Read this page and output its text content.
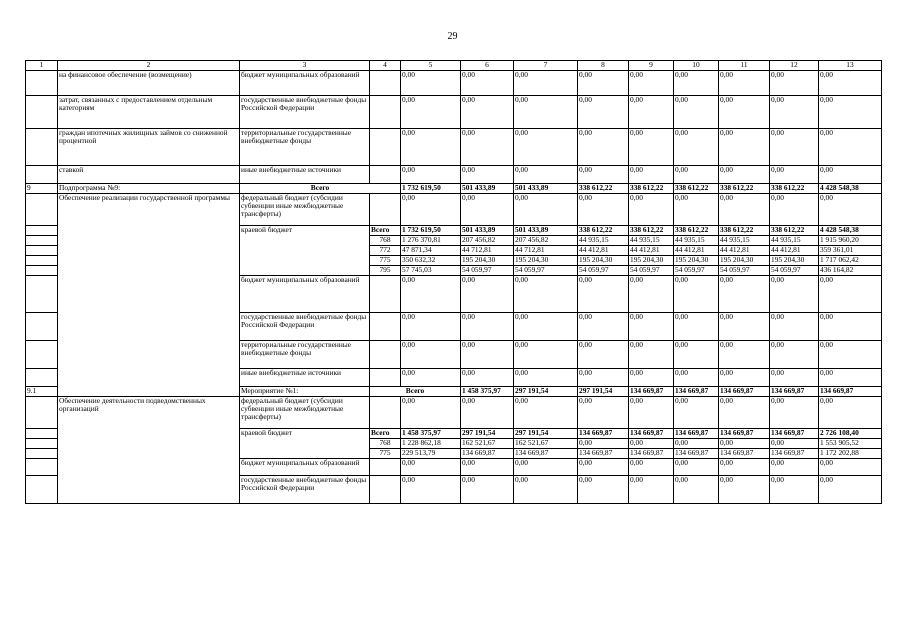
29
1	2	3	4	5	6	7	8	9	10	11	12	13	
	на финансовое обеспечение (возмещение)	бюджет муниципальных образований		0,00	0,00	0,00	0,00	0,00	0,00	0,00	0,00	0,00	
	затрат, связанных с предоставлением отдельным категориям	государственные внебюджетные фонды Российской Федерации		0,00	0,00	0,00	0,00	0,00	0,00	0,00	0,00	0,00	
	граждан ипотечных жилищных займов со сниженной процентной	территориальные государственные внебюджетные фонды		0,00	0,00	0,00	0,00	0,00	0,00	0,00	0,00	0,00	
	ставкой	иные внебюджетные источники		0,00	0,00	0,00	0,00	0,00	0,00	0,00	0,00	0,00	
9	Подпрограмма №9:	Всего		1 732 619,50	501 433,89	501 433,89	338 612,22	338 612,22	338 612,22	338 612,22	338 612,22	4 428 548,38	
	Обеспечение реализации государственной программы	федеральный бюджет (субсидии субвенции иные межбюджетные трансферты)		0,00	0,00	0,00	0,00	0,00	0,00	0,00	0,00	0,00	
		краевой бюджет	Всего	1 732 619,50	501 433,89	501 433,89	338 612,22	338 612,22	338 612,22	338 612,22	338 612,22	4 428 548,38	
			768	1 276 370,81	207 456,82	207 456,82	44 935,15	44 935,15	44 935,15	44 935,15	44 935,15	1 915 960,20	
			772	47 871,34	44 712,81	44 712,81	44 412,81	44 412,81	44 412,81	44 412,81	44 412,81	359 361,01	
			775	350 632,32	195 204,30	195 204,30	195 204,30	195 204,30	195 204,30	195 204,30	195 204,30	1 717 062,42	
			795	57 745,03	54 059,97	54 059,97	54 059,97	54 059,97	54 059,97	54 059,97	54 059,97	436 164,82	
		бюджет муниципальных образований		0,00	0,00	0,00	0,00	0,00	0,00	0,00	0,00	0,00	
		государственные внебюджетные фонды Российской Федерации		0,00	0,00	0,00	0,00	0,00	0,00	0,00	0,00	0,00	
		территориальные государственные внебюджетные фонды		0,00	0,00	0,00	0,00	0,00	0,00	0,00	0,00	0,00	
		иные внебюджетные источники		0,00	0,00	0,00	0,00	0,00	0,00	0,00	0,00	0,00	
9.1		Мероприятие №1:	Всего		1 458 375,97	297 191,54	297 191,54	134 669,87	134 669,87	134 669,87	134 669,87	134 669,87	
	Обеспечение деятельности подведомственных организаций	федеральный бюджет (субсидии субвенции иные межбюджетные трансферты)		0,00	0,00	0,00	0,00	0,00	0,00	0,00	0,00	0,00	
		краевой бюджет	Всего	1 458 375,97	297 191,54	297 191,54	134 669,87	134 669,87	134 669,87	134 669,87	134 669,87	2 726 108,40	
			768	1 228 862,18	162 521,67	162 521,67	0,00	0,00	0,00	0,00	0,00	1 553 905,52	
			775	229 513,79	134 669,87	134 669,87	134 669,87	134 669,87	134 669,87	134 669,87	134 669,87	1 172 202,88	
		бюджет муниципальных образований		0,00	0,00	0,00	0,00	0,00	0,00	0,00	0,00	0,00	
		государственные внебюджетные фонды Российской Федерации		0,00	0,00	0,00	0,00	0,00	0,00	0,00	0,00	0,00	
